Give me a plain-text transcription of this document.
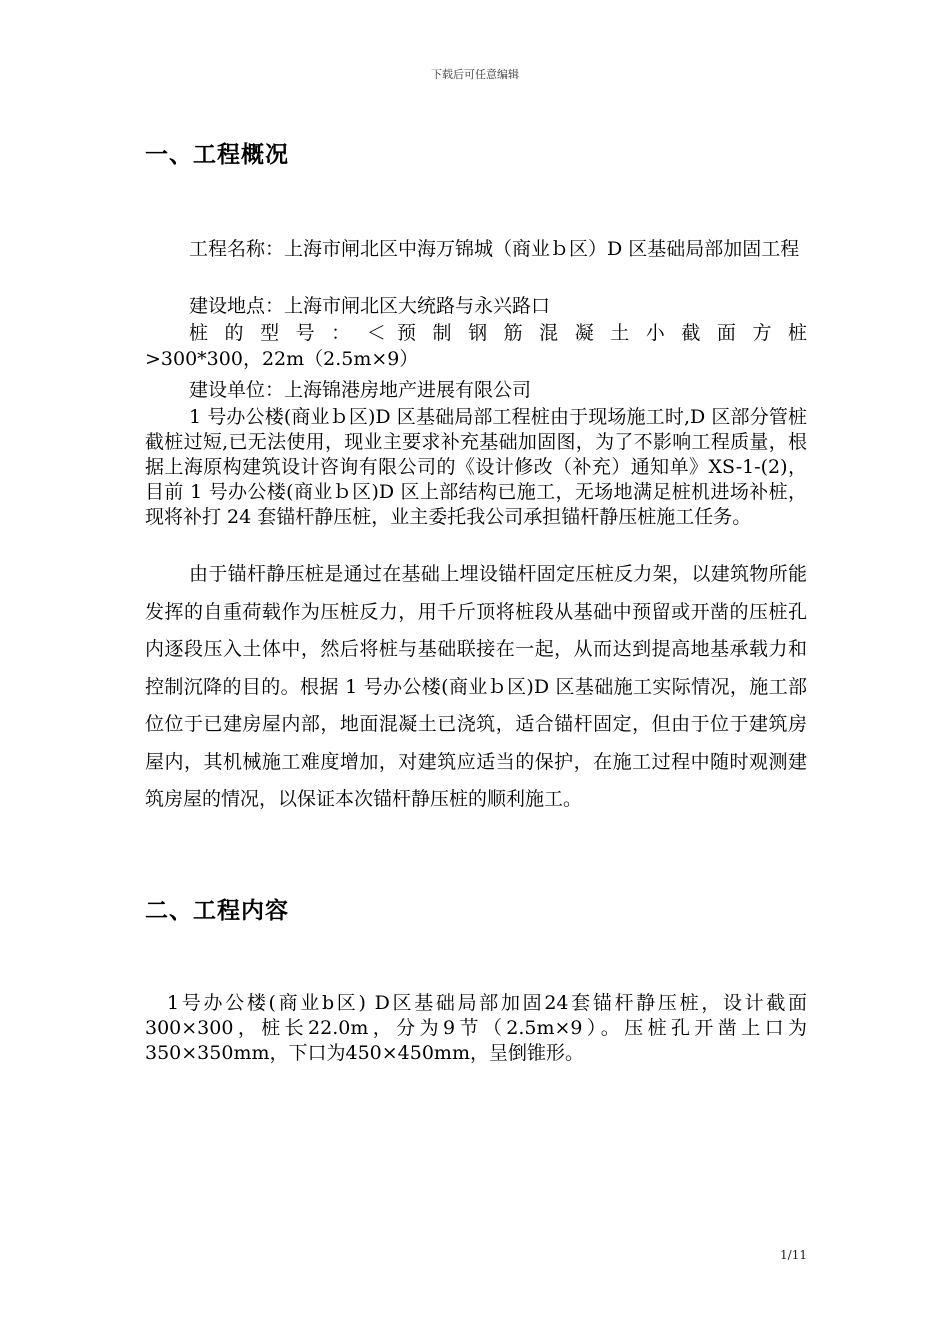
下载后可任意编辑
一、工程概况
工程名称：上海市闸北区中海万锦城（商业ｂ区）D 区基础局部加固工程
建设地点：上海市闸北区大统路与永兴路口
桩 的 型 号 ： ＜ 预 制 钢 筋 混 凝 土 小 截 面 方 桩
>300*300，22m（2.5m×9）
建设单位：上海锦港房地产进展有限公司
1 号办公楼(商业ｂ区)D 区基础局部工程桩由于现场施工时,D 区部分管桩截桩过短,已无法使用，现业主要求补充基础加固图，为了不影响工程质量，根据上海原构建筑设计咨询有限公司的《设计修改（补充）通知单》XS-1-(2)，目前 1 号办公楼(商业ｂ区)D 区上部结构已施工，无场地满足桩机进场补桩，现将补打 24 套锚杆静压桩，业主委托我公司承担锚杆静压桩施工任务。
由于锚杆静压桩是通过在基础上埋设锚杆固定压桩反力架，以建筑物所能发挥的自重荷载作为压桩反力，用千斤顶将桩段从基础中预留或开凿的压桩孔内逐段压入土体中，然后将桩与基础联接在一起，从而达到提高地基承载力和控制沉降的目的。根据 1 号办公楼(商业ｂ区)D 区基础施工实际情况，施工部位位于已建房屋内部，地面混凝土已浇筑，适合锚杆固定，但由于位于建筑房屋内，其机械施工难度增加，对建筑应适当的保护，在施工过程中随时观测建筑房屋的情况，以保证本次锚杆静压桩的顺利施工。
二、工程内容
1号办公楼(商业b区) D区基础局部加固24套锚杆静压桩，设计截面300×300，桩长22.0m，分为9节（2.5m×9）。压桩孔开凿上口为350×350mm，下口为450×450mm，呈倒锥形。
1/11
